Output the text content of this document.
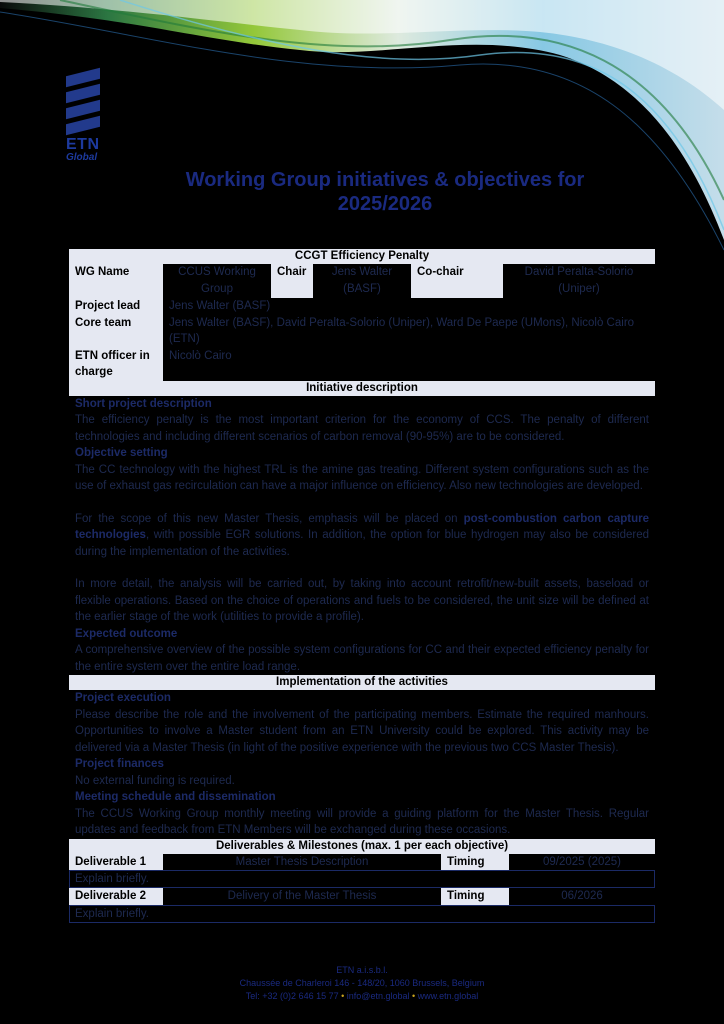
ETN
Global
Working Group initiatives & objectives for
2025/2026
CCGT Efficiency Penalty
WG Name	CCUS Working Group	Chair	Jens Walter (BASF)	Co-chair	David Peralta-Solorio (Uniper)
Project lead	Jens Walter (BASF)				
Core team	Jens Walter (BASF), David Peralta-Solorio (Uniper), Ward De Paepe (UMons), Nicolò Cairo (ETN)				
ETN officer in charge	Nicolò Cairo				
Initiative description
Short project description
The efficiency penalty is the most important criterion for the economy of CCS. The penalty of different technologies and including different scenarios of carbon removal (90-95%) are to be considered.
Objective setting
The CC technology with the highest TRL is the amine gas treating. Different system configurations such as the use of exhaust gas recirculation can have a major influence on efficiency. Also new technologies are developed.
For the scope of this new Master Thesis, emphasis will be placed on post-combustion carbon capture technologies, with possible EGR solutions. In addition, the option for blue hydrogen may also be considered during the implementation of the activities.
In more detail, the analysis will be carried out, by taking into account retrofit/new-built assets, baseload or flexible operations. Based on the choice of operations and fuels to be considered, the unit size will be defined at the earlier stage of the work (utilities to provide a profile).
Expected outcome
A comprehensive overview of the possible system configurations for CC and their expected efficiency penalty for the entire system over the entire load range.
Implementation of the activities
Project execution
Please describe the role and the involvement of the participating members. Estimate the required manhours. Opportunities to involve a Master student from an ETN University could be explored. This activity may be delivered via a Master Thesis (in light of the positive experience with the previous two CCS Master Thesis).
Project finances
No external funding is required.
Meeting schedule and dissemination
The CCUS Working Group monthly meeting will provide a guiding platform for the Master Thesis. Regular updates and feedback from ETN Members will be exchanged during these occasions.
Deliverables & Milestones (max. 1 per each objective)
Deliverable 1	Master Thesis Description	Timing	09/2025 (2025)
Explain briefly.
Deliverable 2	Delivery of the Master Thesis	Timing	06/2026
Explain briefly.
ETN a.i.s.b.l.
Chaussée de Charleroi 146 - 148/20, 1060 Brussels, Belgium
Tel: +32 (0)2 646 15 77 • info@etn.global • www.etn.global
